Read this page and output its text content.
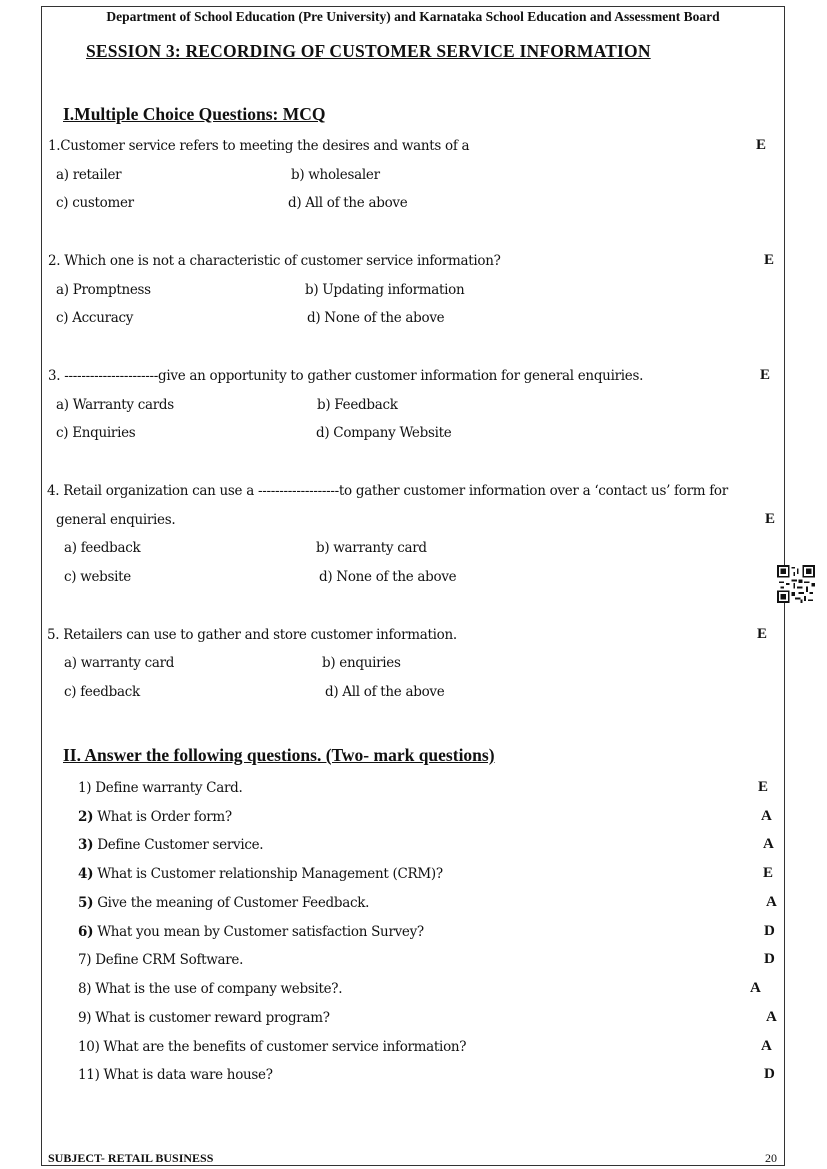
Department of School Education (Pre University) and Karnataka School Education and Assessment Board
SESSION 3: RECORDING OF CUSTOMER SERVICE INFORMATION
I.Multiple Choice Questions: MCQ
1.Customer service refers to meeting the desires and wants of a	E
a) retailer	b) wholesaler
c) customer	d) All of the above
2. Which one is not a characteristic of customer service information?	E
a) Promptness	b) Updating information
c) Accuracy	d) None of the above
3. ----------------------give an opportunity to gather customer information for general enquiries.	E
a) Warranty cards	b) Feedback
c) Enquiries	d) Company Website
4. Retail organization can use a -------------------to gather customer information over a ‘contact us’ form for
general enquiries.	E
a) feedback	b) warranty card
c) website	d) None of the above
5. Retailers can use to gather and store customer information.	E
a) warranty card	b) enquiries
c) feedback	d) All of the above
II. Answer the following questions. (Two- mark questions)
1) Define warranty Card.	E
2) What is Order form?	A
3) Define Customer service.	A
4) What is Customer relationship Management (CRM)?	E
5) Give the meaning of Customer Feedback.	A
6) What you mean by Customer satisfaction Survey?	D
7) Define CRM Software.	D
8) What is the use of company website?.	A
9) What is customer reward program?	A
10) What are the benefits of customer service information?	A
11) What is data ware house?	D
SUBJECT- RETAIL BUSINESS	20
